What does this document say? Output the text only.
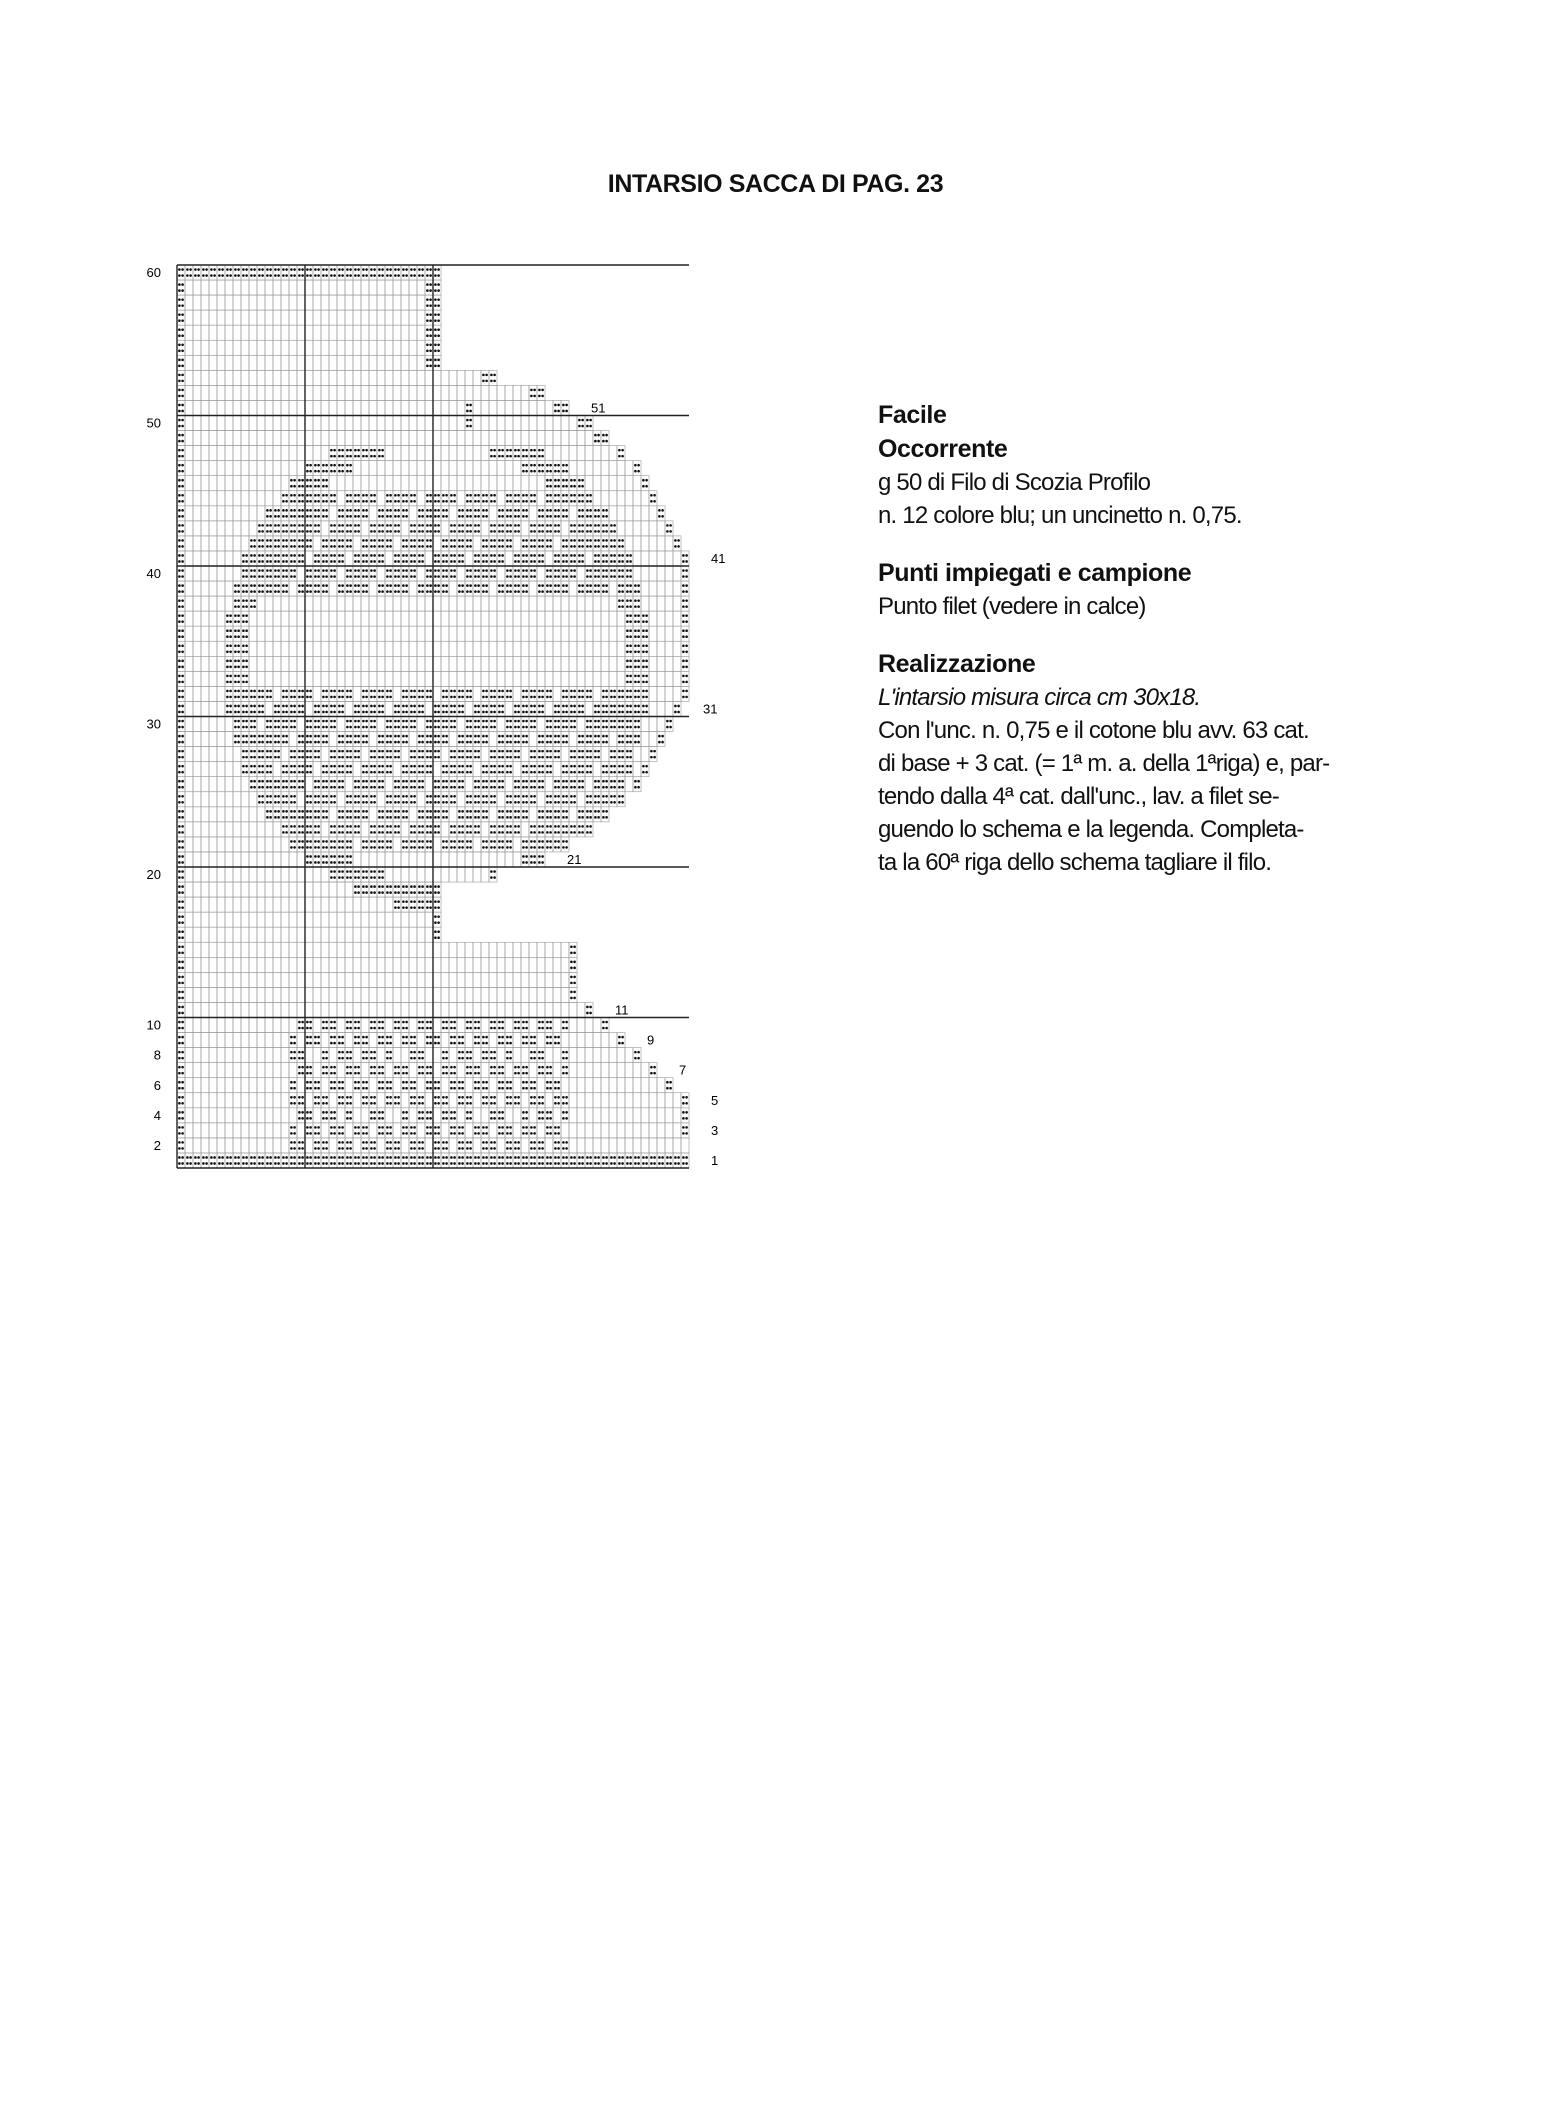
INTARSIO SACCA DI PAG. 23
60
50
40
30
20
10
8
6
4
2
51
41
31
21
11
9
7
5
3
1
Facile
Occorrente

g 50 di Filo di Scozia Profilo

n. 12 colore blu; un uncinetto n. 0,75.

Punti impiegati e campione

Punto filet (vedere in calce)

Realizzazione

L'intarsio misura circa cm 30x18.

Con l'unc. n. 0,75 e il cotone blu avv. 63 cat.

di base + 3 cat. (= 1ª m. a. della 1ªriga) e, par-

tendo dalla 4ª cat. dall'unc., lav. a filet se-

guendo lo schema e la legenda. Completa-

ta la 60ª riga dello schema tagliare il filo.
